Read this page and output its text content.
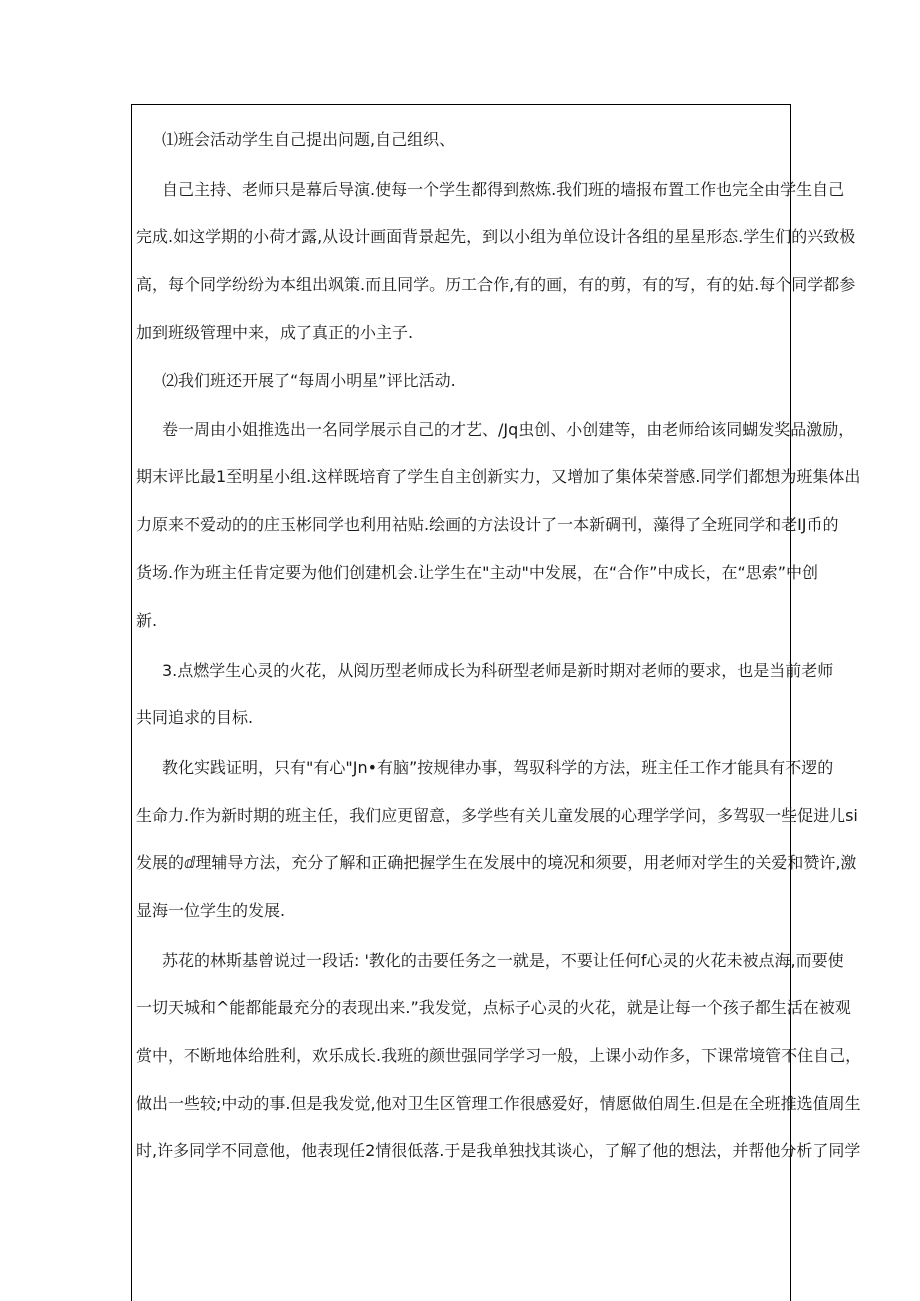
⑴班会活动学生自己提出问题,自己组织、
自己主持、老师只是幕后导演.使每一个学生都得到熬炼.我们班的墙报布置工作也完全由学生自己
完成.如这学期的小荷才露,从设计画面背景起先，到以小组为单位设计各组的星星形态.学生们的兴致极
高，每个同学纷纷为本组出飒策.而且同学。历工合作,有的画，有的剪，有的写，有的姑.每个同学都参
加到班级管理中来，成了真正的小主子.
⑵我们班还开展了“每周小明星”评比活动.
卷一周由小姐推选出一名同学展示自己的才艺、/Jq虫创、小创建等，由老师给该同蝴发奖品激励，
期末评比最1至明星小组.这样既培育了学生自主创新实力，又增加了集体荣誉感.同学们都想为班集体出
力原来不爱动的的庄玉彬同学也利用祜贴.绘画的方法设计了一本新碉刊，藻得了全班同学和老IJ币的
货场.作为班主任肯定要为他们创建机会.让学生在"主动"中发展，在“合作”中成长，在“思索”中创
新.
3.点燃学生心灵的火花，从阅历型老师成长为科研型老师是新时期对老师的要求，也是当前老师
共同追求的目标.
教化实践证明，只有"有心"Jn•有脑”按规律办事，驾驭科学的方法，班主任工作才能具有不逻的
生命力.作为新时期的班主任，我们应更留意，多学些有关儿童发展的心理学学问，多驾驭一些促进儿si
发展的ⅆ理辅导方法，充分了解和正确把握学生在发展中的境况和须要，用老师对学生的关爱和赞许,激
显海一位学生的发展.
苏花的林斯基曾说过一段话: '教化的击要任务之一就是，不要让任何f心灵的火花未被点海,而要使
一切天城和^能都能最充分的表现出来.”我发觉，点标子心灵的火花，就是让每一个孩子都生活在被观
赏中，不断地体给胜利，欢乐成长.我班的颜世强同学学习一般，上课小动作多，下课常境管不住自己，
做出一些较;中动的事.但是我发觉,他对卫生区管理工作很感爱好，情愿做伯周生.但是在全班推选值周生
时,许多同学不同意他，他表现任2情很低落.于是我单独找其谈心，了解了他的想法，并帮他分析了同学
